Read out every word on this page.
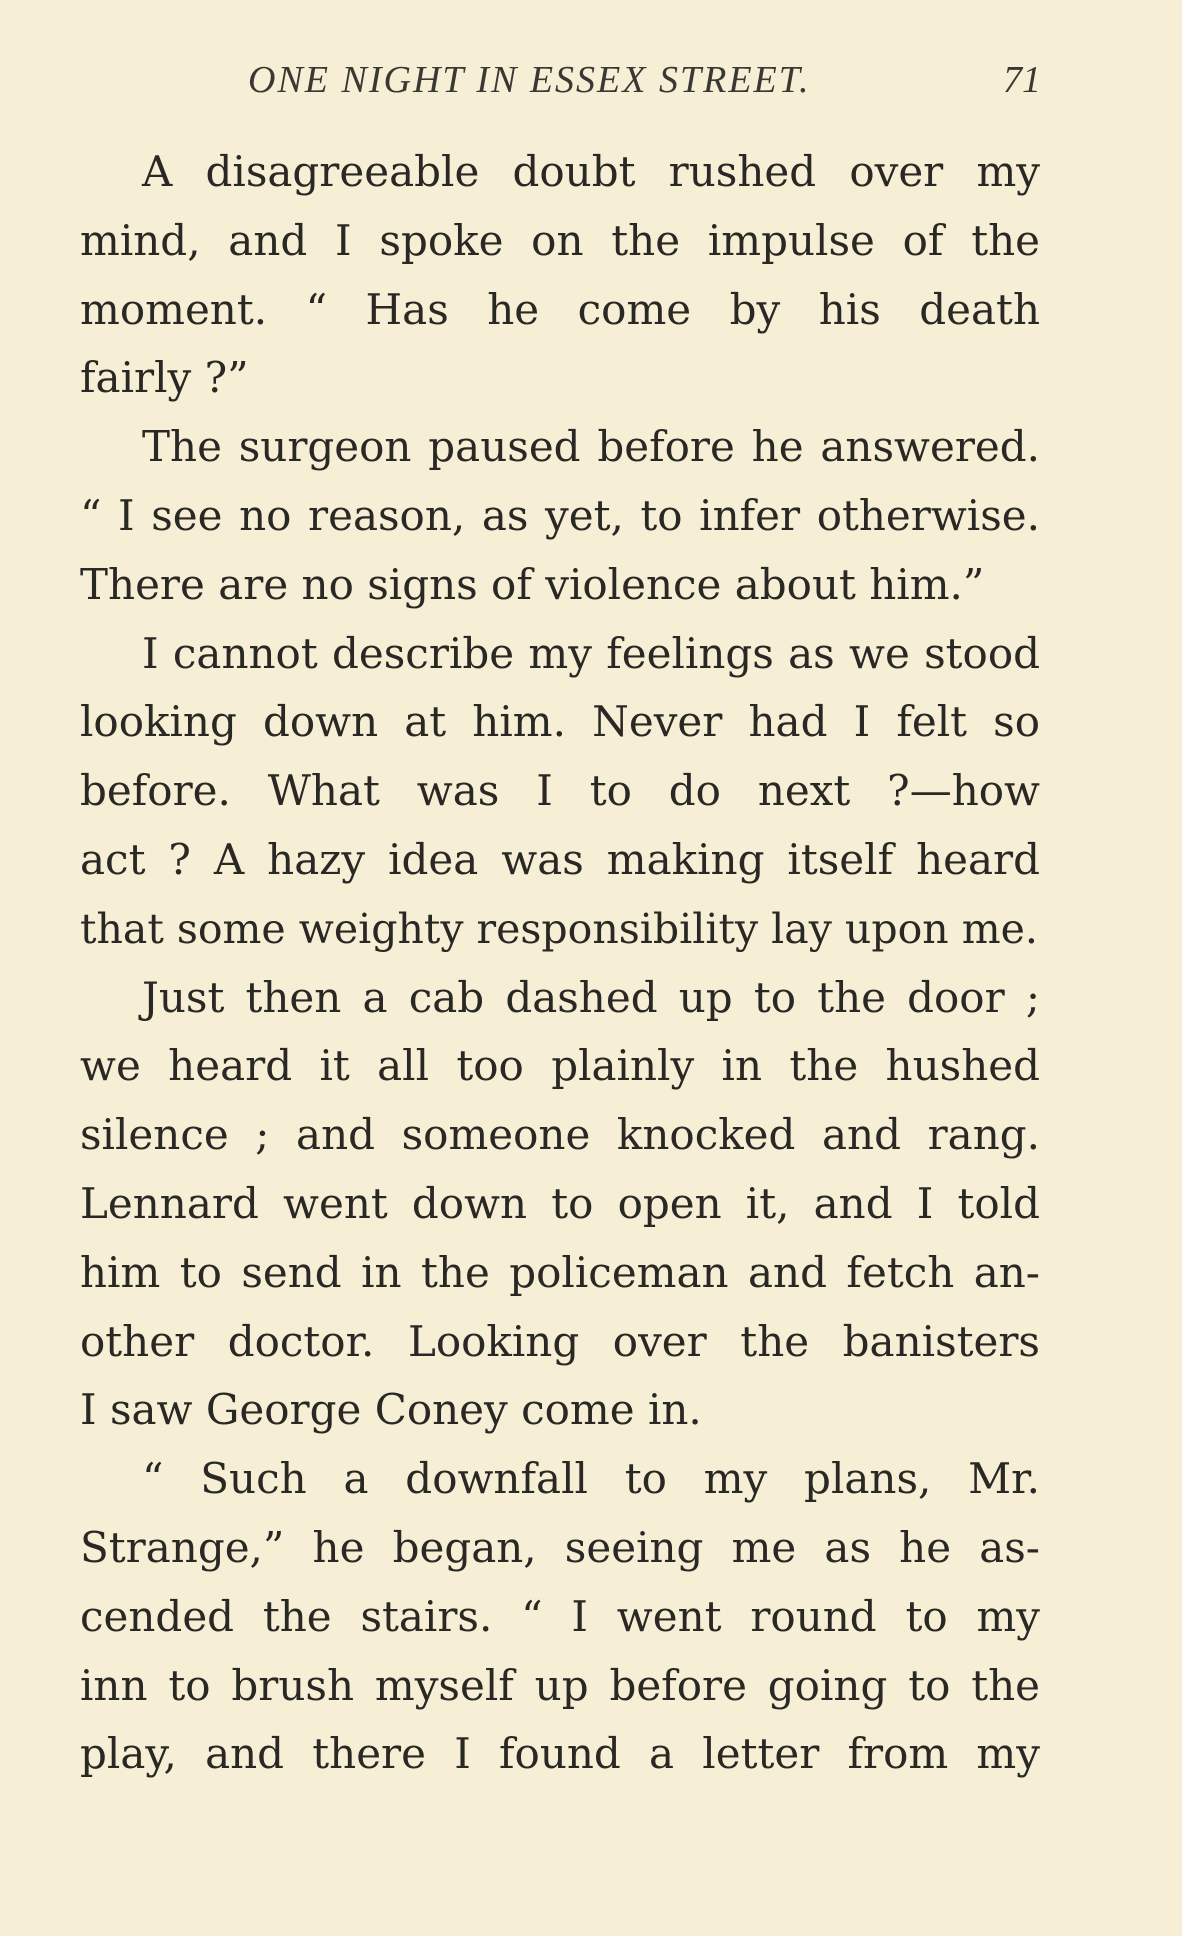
ONE NIGHT IN ESSEX STREET.	71
A disagreeable doubt rushed over my
mind, and I spoke on the impulse of the
moment. “ Has he come by his death
fairly ?”
The surgeon paused before he answered.
“ I see no reason, as yet, to infer otherwise.
There are no signs of violence about him.”
I cannot describe my feelings as we stood
looking down at him. Never had I felt so
before. What was I to do next ?—how
act ? A hazy idea was making itself heard
that some weighty responsibility lay upon me.
Just then a cab dashed up to the door ;
we heard it all too plainly in the hushed
silence ; and someone knocked and rang.
Lennard went down to open it, and I told
him to send in the policeman and fetch an-
other doctor. Looking over the banisters
I saw George Coney come in.
“ Such a downfall to my plans, Mr.
Strange,” he began, seeing me as he as-
cended the stairs. “ I went round to my
inn to brush myself up before going to the
play, and there I found a letter from my
